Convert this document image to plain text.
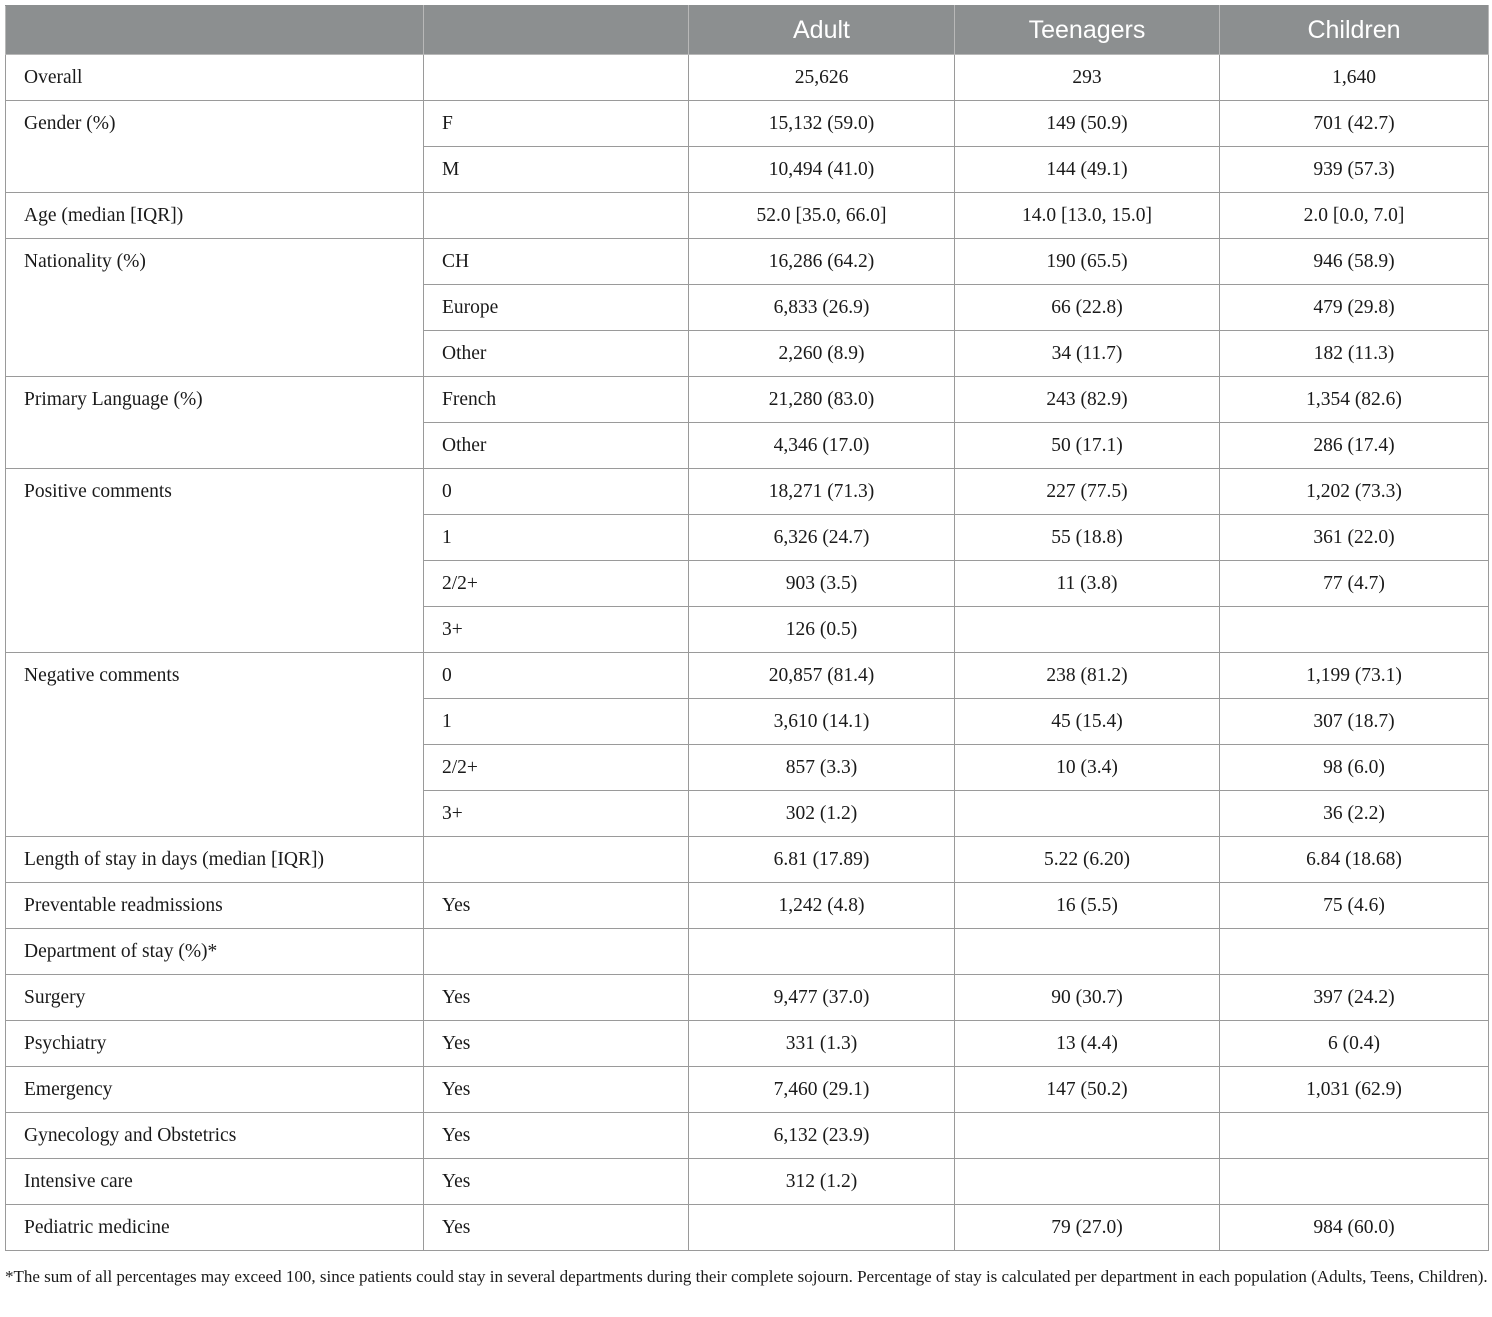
		Adult	Teenagers	Children
Overall		25,626	293	1,640
Gender (%)	F	15,132 (59.0)	149 (50.9)	701 (42.7)
	M	10,494 (41.0)	144 (49.1)	939 (57.3)
Age (median [IQR])		52.0 [35.0, 66.0]	14.0 [13.0, 15.0]	2.0 [0.0, 7.0]
Nationality (%)	CH	16,286 (64.2)	190 (65.5)	946 (58.9)
	Europe	6,833 (26.9)	66 (22.8)	479 (29.8)
	Other	2,260 (8.9)	34 (11.7)	182 (11.3)
Primary Language (%)	French	21,280 (83.0)	243 (82.9)	1,354 (82.6)
	Other	4,346 (17.0)	50 (17.1)	286 (17.4)
Positive comments	0	18,271 (71.3)	227 (77.5)	1,202 (73.3)
	1	6,326 (24.7)	55 (18.8)	361 (22.0)
	2/2+	903 (3.5)	11 (3.8)	77 (4.7)
	3+	126 (0.5)		
Negative comments	0	20,857 (81.4)	238 (81.2)	1,199 (73.1)
	1	3,610 (14.1)	45 (15.4)	307 (18.7)
	2/2+	857 (3.3)	10 (3.4)	98 (6.0)
	3+	302 (1.2)		36 (2.2)
Length of stay in days (median [IQR])		6.81 (17.89)	5.22 (6.20)	6.84 (18.68)
Preventable readmissions	Yes	1,242 (4.8)	16 (5.5)	75 (4.6)
Department of stay (%)*				
Surgery	Yes	9,477 (37.0)	90 (30.7)	397 (24.2)
Psychiatry	Yes	331 (1.3)	13 (4.4)	6 (0.4)
Emergency	Yes	7,460 (29.1)	147 (50.2)	1,031 (62.9)
Gynecology and Obstetrics	Yes	6,132 (23.9)		
Intensive care	Yes	312 (1.2)		
Pediatric medicine	Yes		79 (27.0)	984 (60.0)
*The sum of all percentages may exceed 100, since patients could stay in several departments during their complete sojourn. Percentage of stay is calculated per department in each population (Adults, Teens, Children).
